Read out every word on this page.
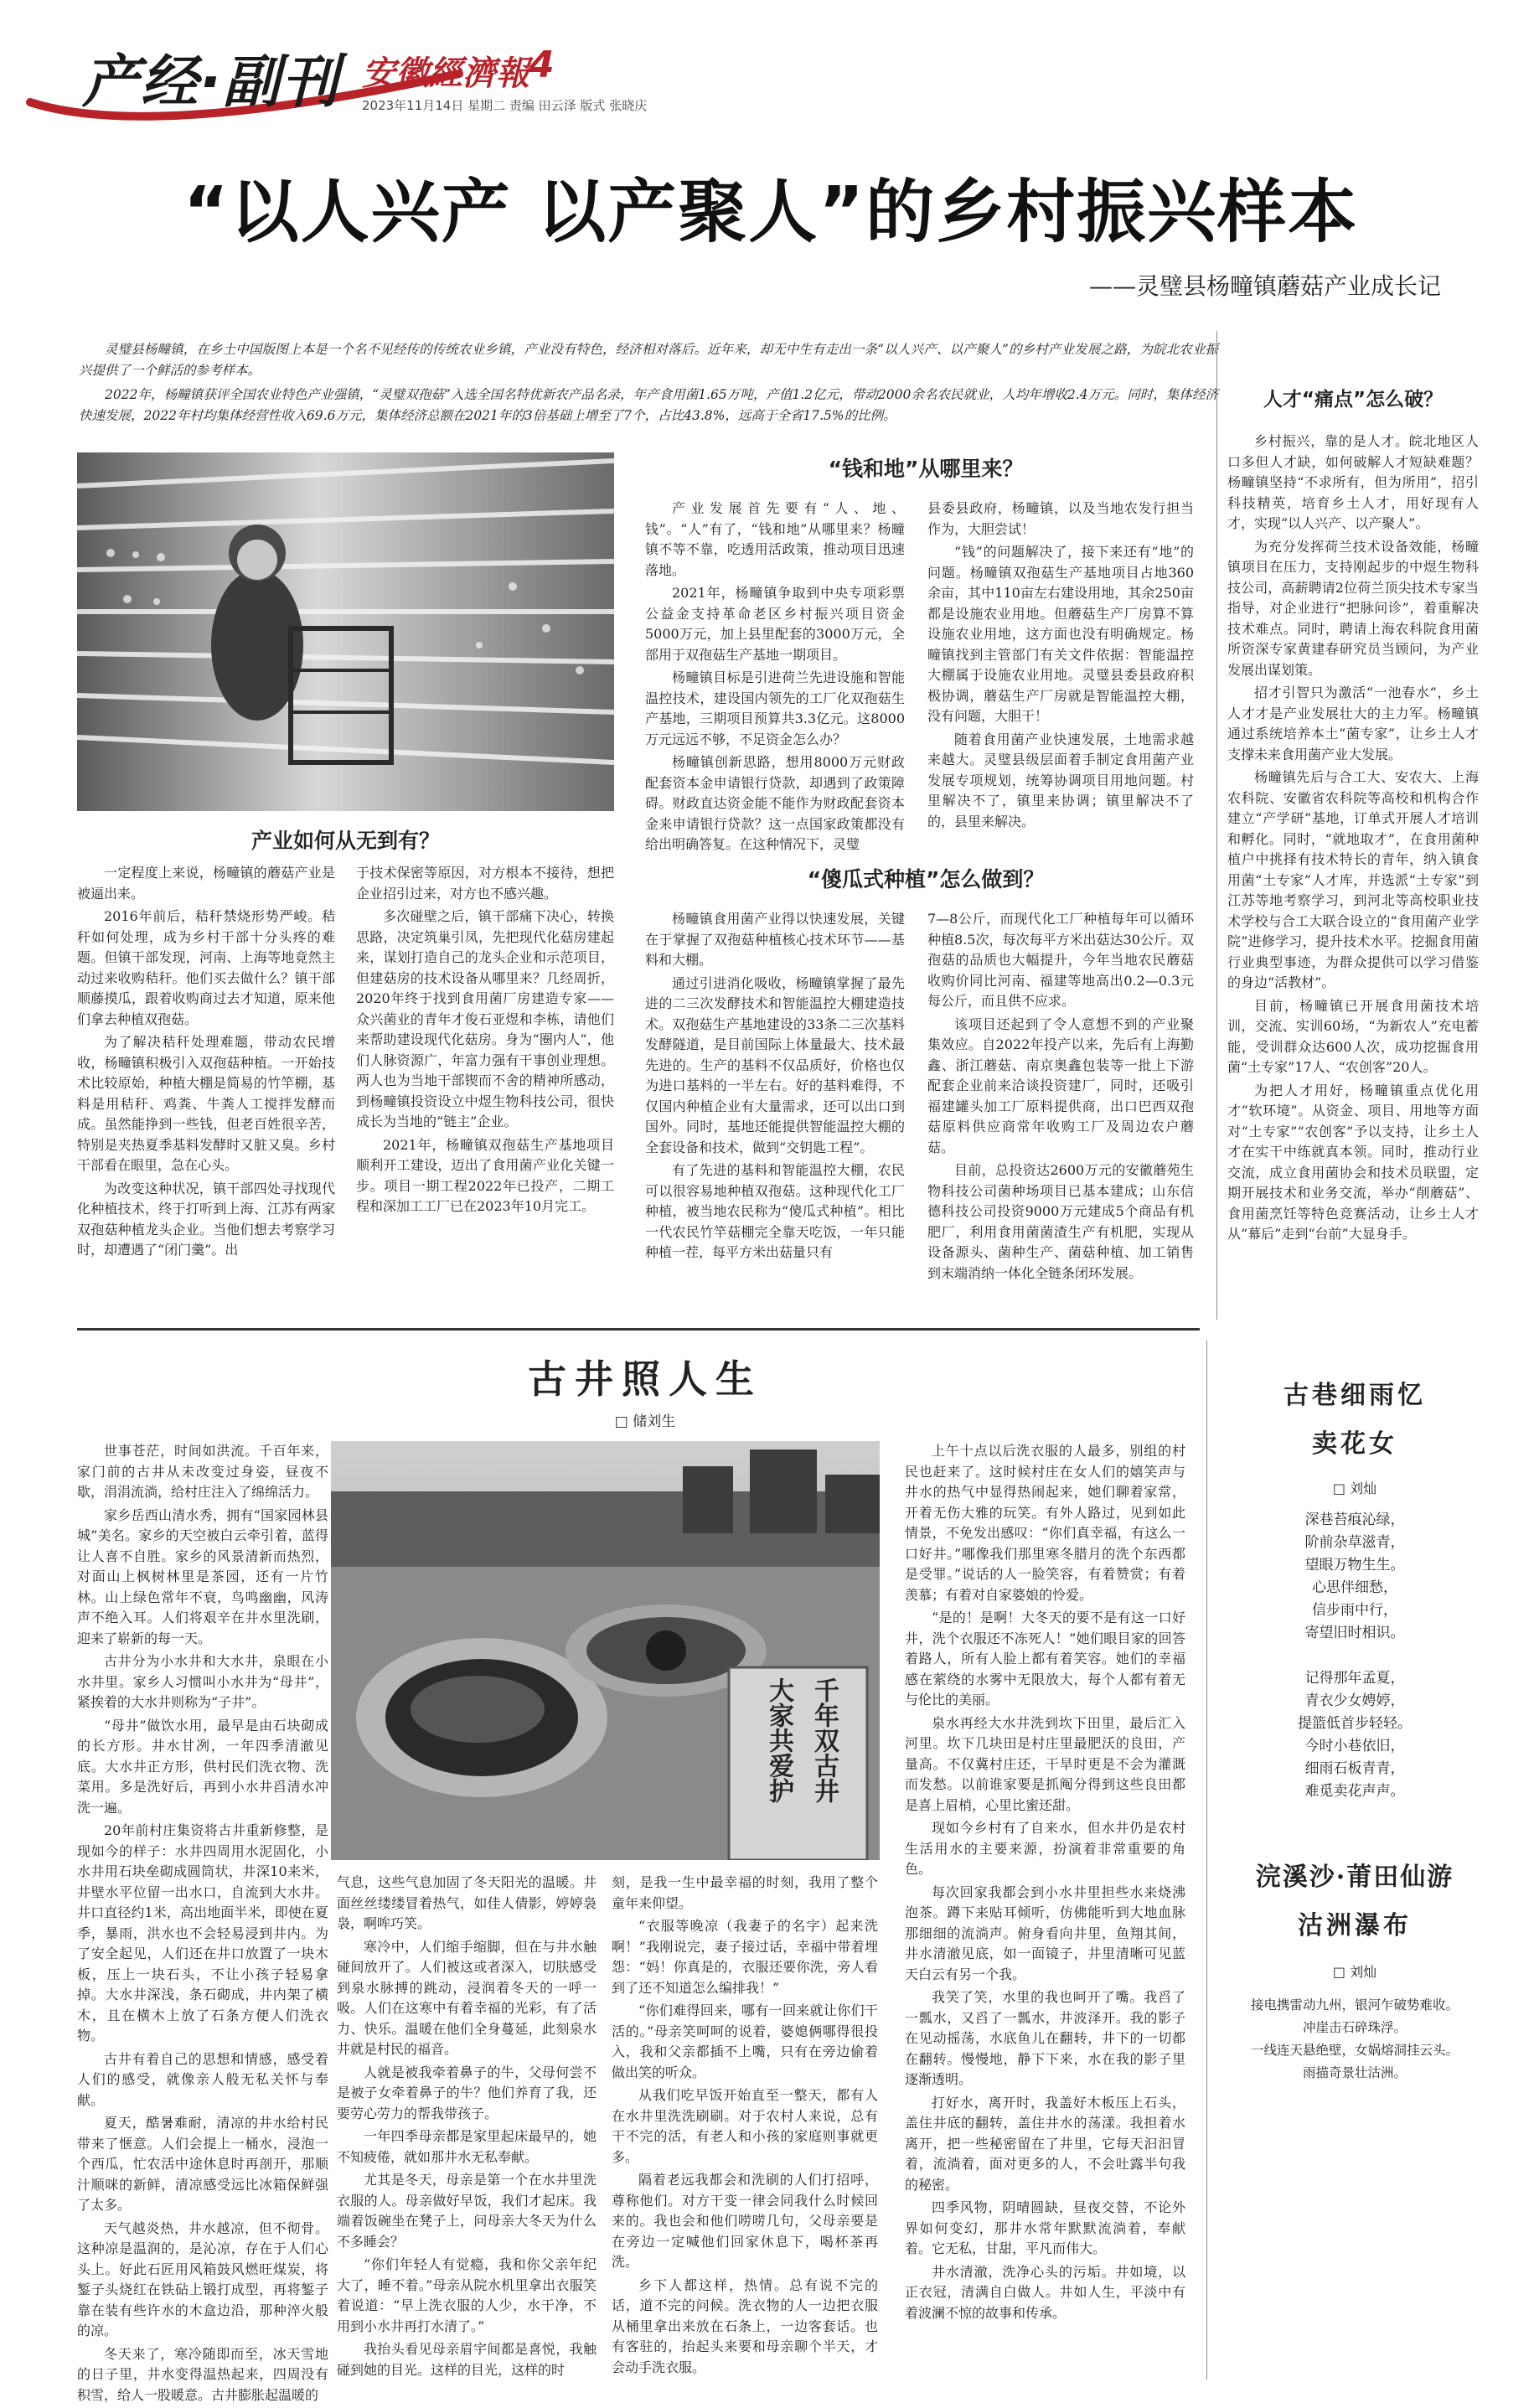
产经·副刊 安徽經濟報 4
2023年11月14日 星期二 责编 田云泽 版式 张晓庆
“以人兴产 以产聚人”的乡村振兴样本
——灵璧县杨疃镇蘑菇产业成长记

灵璧县杨疃镇，在乡土中国版图上本是一个名不见经传的传统农业乡镇，产业没有特色，经济相对落后。近年来，却无中生有走出一条“以人兴产、以产聚人”的乡村产业发展之路，为皖北农业振兴提供了一个鲜活的参考样本。

2022年，杨疃镇获评全国农业特色产业强镇，“灵璧双孢菇”入选全国名特优新农产品名录，年产食用菌1.65万吨，产值1.2亿元，带动2000余名农民就业，人均年增收2.4万元。同时，集体经济快速发展，2022年村均集体经营性收入69.6万元，集体经济总额在2021年的3倍基础上增至了7个，占比43.8%，远高于全省17.5%的比例。

产业如何从无到有？
“钱和地”从哪里来？
“傻瓜式种植”怎么做到？

一定程度上来说，杨疃镇的蘑菇产业是被逼出来。

2016年前后，秸秆禁烧形势严峻。秸秆如何处理，成为乡村干部十分头疼的难题。但镇干部发现，河南、上海等地竟然主动过来收购秸秆。他们买去做什么？镇干部顺藤摸瓜，跟着收购商过去才知道，原来他们拿去种植双孢菇。

为了解决秸秆处理难题，带动农民增收，杨疃镇积极引入双孢菇种植。一开始技术比较原始，种植大棚是简易的竹竿棚，基料是用秸秆、鸡粪、牛粪人工搅拌发酵而成。虽然能挣到一些钱，但老百姓很辛苦，特别是夹热夏季基料发酵时又脏又臭。乡村干部看在眼里，急在心头。

为改变这种状况，镇干部四处寻找现代化种植技术，终于打听到上海、江苏有两家双孢菇种植龙头企业。当他们想去考察学习时，却遭遇了“闭门羹”。出

于技术保密等原因，对方根本不接待，想把企业招引过来，对方也不感兴趣。

多次碰壁之后，镇干部痛下决心，转换思路，决定筑巢引凤，先把现代化菇房建起来，谋划打造自己的龙头企业和示范项目，但建菇房的技术设备从哪里来？几经周折，2020年终于找到食用菌厂房建造专家——众兴菌业的青年才俊石亚煜和李栋，请他们来帮助建设现代化菇房。身为“圈内人”，他们人脉资源广，年富力强有干事创业理想。两人也为当地干部锲而不舍的精神所感动，到杨疃镇投资设立中煜生物科技公司，很快成长为当地的“链主”企业。

2021年，杨疃镇双孢菇生产基地项目顺利开工建设，迈出了食用菌产业化关键一步。项目一期工程2022年已投产，二期工程和深加工工厂已在2023年10月完工。

产业发展首先要有“人、地、钱”。“人”有了，“钱和地”从哪里来？杨疃镇不等不靠，吃透用活政策，推动项目迅速落地。

2021年，杨疃镇争取到中央专项彩票公益金支持革命老区乡村振兴项目资金5000万元，加上县里配套的3000万元，全部用于双孢菇生产基地一期项目。

杨疃镇目标是引进荷兰先进设施和智能温控技术，建设国内领先的工厂化双孢菇生产基地，三期项目预算共3.3亿元。这8000万元远远不够，不足资金怎么办？

杨疃镇创新思路，想用8000万元财政配套资本金申请银行贷款，却遇到了政策障碍。财政直达资金能不能作为财政配套资本金来申请银行贷款？这一点国家政策都没有给出明确答复。在这种情况下，灵璧

县委县政府，杨疃镇，以及当地农发行担当作为，大胆尝试！

“钱”的问题解决了，接下来还有“地”的问题。杨疃镇双孢菇生产基地项目占地360余亩，其中110亩左右建设用地，其余250亩都是设施农业用地。但蘑菇生产厂房算不算设施农业用地，这方面也没有明确规定。杨疃镇找到主管部门有关文件依据：智能温控大棚属于设施农业用地。灵璧县委县政府积极协调，蘑菇生产厂房就是智能温控大棚，没有问题，大胆干！

随着食用菌产业快速发展，土地需求越来越大。灵璧县级层面着手制定食用菌产业发展专项规划，统筹协调项目用地问题。村里解决不了，镇里来协调；镇里解决不了的，县里来解决。

杨疃镇食用菌产业得以快速发展，关键在于掌握了双孢菇种植核心技术环节——基料和大棚。

通过引进消化吸收，杨疃镇掌握了最先进的二三次发酵技术和智能温控大棚建造技术。双孢菇生产基地建设的33条二三次基料发酵隧道，是目前国际上体量最大、技术最先进的。生产的基料不仅品质好，价格也仅为进口基料的一半左右。好的基料难得，不仅国内种植企业有大量需求，还可以出口到国外。同时，基地还能提供智能温控大棚的全套设备和技术，做到“交钥匙工程”。

有了先进的基料和智能温控大棚，农民可以很容易地种植双孢菇。这种现代化工厂种植，被当地农民称为“傻瓜式种植”。相比一代农民竹竿菇棚完全靠天吃饭，一年只能种植一茬，每平方米出菇量只有

7—8公斤，而现代化工厂种植每年可以循环种植8.5次，每次每平方米出菇达30公斤。双孢菇的品质也大幅提升，今年当地农民蘑菇收购价同比河南、福建等地高出0.2—0.3元每公斤，而且供不应求。

该项目还起到了令人意想不到的产业聚集效应。自2022年投产以来，先后有上海勤鑫、浙江蘑菇、南京奥鑫包装等一批上下游配套企业前来洽谈投资建厂，同时，还吸引福建罐头加工厂原料提供商，出口巴西双孢菇原料供应商常年收购工厂及周边农户蘑菇。

目前，总投资达2600万元的安徽蘑苑生物科技公司菌种场项目已基本建成；山东信德科技公司投资9000万元建成5个商品有机肥厂，利用食用菌菌渣生产有机肥，实现从设备源头、菌种生产、菌菇种植、加工销售到末端消纳一体化全链条闭环发展。

人才“痛点”怎么破？

乡村振兴，靠的是人才。皖北地区人口多但人才缺，如何破解人才短缺难题？杨疃镇坚持“不求所有，但为所用”，招引科技精英，培育乡土人才，用好现有人才，实现“以人兴产、以产聚人”。

为充分发挥荷兰技术设备效能，杨疃镇项目在压力，支持刚起步的中煜生物科技公司，高薪聘请2位荷兰顶尖技术专家当指导，对企业进行“把脉问诊”，着重解决技术难点。同时，聘请上海农科院食用菌所资深专家黄建春研究员当顾问，为产业发展出谋划策。

招才引智只为激活“一池春水”，乡土人才才是产业发展壮大的主力军。杨疃镇通过系统培养本土“菌专家”，让乡土人才支撑未来食用菌产业大发展。

杨疃镇先后与合工大、安农大、上海农科院、安徽省农科院等高校和机构合作建立“产学研”基地，订单式开展人才培训和孵化。同时，“就地取才”，在食用菌种植户中挑择有技术特长的青年，纳入镇食用菌“土专家”人才库，并选派“土专家”到江苏等地考察学习，到河北等高校职业技术学校与合工大联合设立的“食用菌产业学院”进修学习，提升技术水平。挖掘食用菌行业典型事迹，为群众提供可以学习借鉴的身边“活教材”。

目前，杨疃镇已开展食用菌技术培训，交流、实训60场，“为新农人”充电蓄能，受训群众达600人次，成功挖掘食用菌“土专家”17人、“农创客”20人。

为把人才用好，杨疃镇重点优化用才“软环境”。从资金、项目、用地等方面对“土专家”“农创客”予以支持，让乡土人才在实干中练就真本领。同时，推动行业交流，成立食用菌协会和技术员联盟，定期开展技术和业务交流，举办“削蘑菇”、食用菌烹饪等特色竞赛活动，让乡土人才从“幕后”走到“台前”大显身手。

古井照人生
□ 储刘生

世事苍茫，时间如洪流。千百年来，家门前的古井从未改变过身姿，昼夜不歇，涓涓流淌，给村庄注入了绵绵活力。

家乡岳西山清水秀，拥有“国家园林县城”美名。家乡的天空被白云牵引着，蓝得让人喜不自胜。家乡的风景清新而热烈，对面山上枫树林里是茶园，还有一片竹林。山上绿色常年不衰，鸟鸣幽幽，风涛声不绝入耳。人们将艰辛在井水里洗刷，迎来了崭新的每一天。

古井分为小水井和大水井，泉眼在小水井里。家乡人习惯叫小水井为“母井”，紧挨着的大水井则称为“子井”。

“母井”做饮水用，最早是由石块砌成的长方形。井水甘冽，一年四季清澈见底。大水井正方形，供村民们洗衣物、洗菜用。多是洗好后，再到小水井舀清水冲洗一遍。

20年前村庄集资将古井重新修整，是现如今的样子：水井四周用水泥固化，小水井用石块垒砌成圆筒状，井深10来米，井壁水平位留一出水口，自流到大水井。井口直径约1米，高出地面半米，即使在夏季，暴雨，洪水也不会轻易浸到井内。为了安全起见，人们还在井口放置了一块木板，压上一块石头，不让小孩子轻易拿掉。大水井深浅，条石砌成，井内架了横木，且在横木上放了石条方便人们洗衣物。

古井有着自己的思想和情感，感受着人们的感受，就像亲人般无私关怀与奉献。

夏天，酷暑难耐，清凉的井水给村民带来了惬意。人们会提上一桶水，浸泡一个西瓜，忙农活中途休息时再剖开，那顺汁顺咪的新鲜，清凉感受远比冰箱保鲜强了太多。

天气越炎热，井水越凉，但不彻骨。这种凉是温润的，是沁凉，存在于人们心头上。好此石匠用风箱鼓风燃旺煤炭，将錾子头烧红在铁砧上锻打成型，再将錾子靠在装有些许水的木盒边沿，那种淬火般的凉。

冬天来了，寒冷随即而至，冰天雪地的日子里，井水变得温热起来，四周没有积雪，给人一股暖意。古井膨胀起温暖的

千年双古井
大家共爱护

气息，这些气息加固了冬天阳光的温暖。井面丝丝缕缕冒着热气，如佳人倩影，婷婷袅袅，啊哞巧笑。

寒冷中，人们缩手缩脚，但在与井水触碰间放开了。人们被这或者深入，切肤感受到泉水脉搏的跳动，浸润着冬天的一呼一吸。人们在这寒中有着幸福的光彩，有了活力、快乐。温暖在他们全身蔓延，此刻泉水井就是村民的福音。

人就是被我牵着鼻子的牛，父母何尝不是被子女牵着鼻子的牛？他们养育了我，还要劳心劳力的帮我带孩子。

一年四季母亲都是家里起床最早的，她不知疲倦，就如那井水无私奉献。

尤其是冬天，母亲是第一个在水井里洗衣服的人。母亲做好早饭，我们才起床。我端着饭碗坐在凳子上，问母亲大冬天为什么不多睡会？

“你们年轻人有觉瘾，我和你父亲年纪大了，睡不着。”母亲从院水机里拿出衣服笑着说道：“早上洗衣服的人少，水干净，不用到小水井再打水清了。”

我抬头看见母亲眉宇间都是喜悦，我触碰到她的目光。这样的目光，这样的时

刻，是我一生中最幸福的时刻，我用了整个童年来仰望。

“衣服等晚凉（我妻子的名字）起来洗啊！”我刚说完，妻子接过话，幸福中带着埋怨：“妈！你真是的，衣服还要你洗，旁人看到了还不知道怎么编排我！”

“你们难得回来，哪有一回来就让你们干活的。”母亲笑呵呵的说着，婆媳俩哪得很投入，我和父亲都插不上嘴，只有在旁边偷着做出笑的听众。

从我们吃早饭开始直至一整天，都有人在水井里洗洗刷刷。对于农村人来说，总有干不完的活，有老人和小孩的家庭则事就更多。

隔着老远我都会和洗刷的人们打招呼，尊称他们。对方干变一律会同我什么时候回来的。我也会和他们唠唠几句，父母亲要是在旁边一定喊他们回家休息下，喝杯茶再洗。

乡下人都这样，热情。总有说不完的话，道不完的问候。洗衣物的人一边把衣服从桶里拿出来放在石条上，一边客套话。也有客驻的，抬起头来要和母亲聊个半天，才会动手洗衣服。

上午十点以后洗衣服的人最多，别组的村民也赶来了。这时候村庄在女人们的嬉笑声与井水的热气中显得热闹起来，她们聊着家常，开着无伤大雅的玩笑。有外人路过，见到如此情景，不免发出感叹：“你们真幸福，有这么一口好井。”哪像我们那里寒冬腊月的洗个东西都是受罪。”说话的人一脸笑容，有着赞赏；有着羡慕；有着对自家婆娘的怜爱。

“是的！是啊！大冬天的要不是有这一口好井，洗个衣服还不冻死人！”她们眼目家的回答着路人，所有人脸上都有着笑容。她们的幸福感在萦绕的水雾中无限放大，每个人都有着无与伦比的美丽。

泉水再经大水井洗到坎下田里，最后汇入河里。坎下几块田是村庄里最肥沃的良田，产量高。不仅冀村庄还，干旱时更是不会为灌溉而发愁。以前谁家要是抓阄分得到这些良田都是喜上眉梢，心里比蜜还甜。

现如今乡村有了自来水，但水井仍是农村生活用水的主要来源，扮演着非常重要的角色。

每次回家我都会到小水井里担些水来烧沸泡茶。蹲下来贴耳倾听，仿佛能听到大地血脉那细细的流淌声。俯身看向井里，鱼翔其间，井水清澈见底，如一面镜子，井里清晰可见蓝天白云有另一个我。

我笑了笑，水里的我也呵开了嘴。我舀了一瓢水，又舀了一瓢水，井波泽开。我的影子在见动摇荡，水底鱼儿在翻转，井下的一切都在翻转。慢慢地，静下下来，水在我的影子里逐渐透明。

打好水，离开时，我盖好木板压上石头，盖住井底的翻转，盖住井水的荡漾。我担着水离开，把一些秘密留在了井里，它每天汩汩冒着，流淌着，面对更多的人，不会吐露半句我的秘密。

四季风物，阴晴圆缺，昼夜交替，不论外界如何变幻，那井水常年默默流淌着，奉献着。它无私，甘甜，平凡而伟大。

井水清澈，洗净心头的污垢。井如境，以正衣冠，清满自白做人。井如人生，平淡中有着波澜不惊的故事和传承。

古巷细雨忆
卖花女
□ 刘灿

深巷苔痕沁绿，

阶前杂草滋青，

望眼万物生生。

心思伴细愁，

信步雨中行，

寄望旧时相识。

记得那年孟夏，

青衣少女娉婷，

提篮低首步轻轻。

今时小巷依旧，

细雨石板青青，

难觅卖花声声。

浣溪沙·莆田仙游
沽洲瀑布
□ 刘灿

接电携雷动九州，银河乍破势难收。

冲崖击石碎珠浮。

一线连天悬绝壁，女娲熔洞挂云头。

雨描奇景壮沽洲。
